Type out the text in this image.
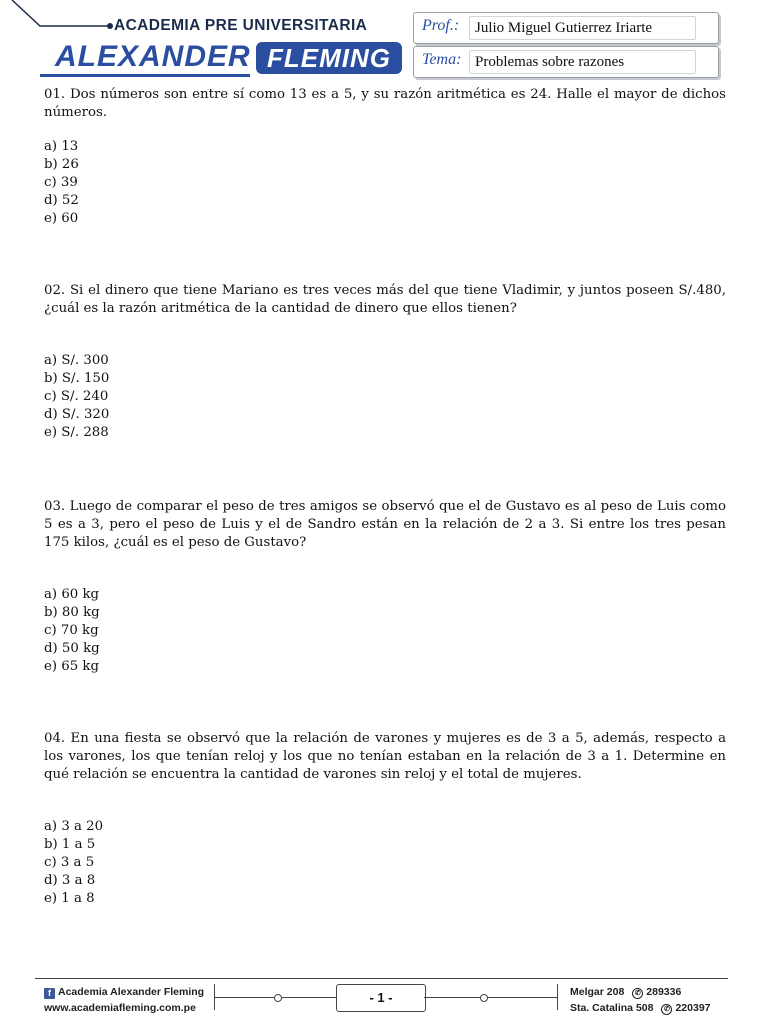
ACADEMIA PRE UNIVERSITARIA
ALEXANDER FLEMING
Prof.:	Julio Miguel Gutierrez Iriarte
Tema: Problemas sobre razones

01. Dos números son entre sí como 13 es a 5, y su razón aritmética es 24. Halle el mayor de dichos números.

a) 13
b) 26
c) 39
d) 52
e) 60

02. Si el dinero que tiene Mariano es tres veces más del que tiene Vladimir, y juntos poseen S/.480, ¿cuál es la razón aritmética de la cantidad de dinero que ellos tienen?

a) S/. 300
b) S/. 150
c) S/. 240
d) S/. 320
e) S/. 288

03. Luego de comparar el peso de tres amigos se observó que el de Gustavo es al peso de Luis como 5 es a 3, pero el peso de Luis y el de Sandro están en la relación de 2 a 3. Si entre los tres pesan 175 kilos, ¿cuál es el peso de Gustavo?

a) 60 kg
b) 80 kg
c) 70 kg
d) 50 kg
e) 65 kg

04. En una fiesta se observó que la relación de varones y mujeres es de 3 a 5, además, respecto a los varones, los que tenían reloj y los que no tenían estaban en la relación de 3 a 1. Determine en qué relación se encuentra la cantidad de varones sin reloj y el total de mujeres.

a) 3 a 20
b) 1 a 5
c) 3 a 5
d) 3 a 8
e) 1 a 8
f Academia Alexander Fleming
www.academiafleming.com.pe
- 1 -	Melgar 208 ✆ 289336
Sta. Catalina 508 ✆ 220397
